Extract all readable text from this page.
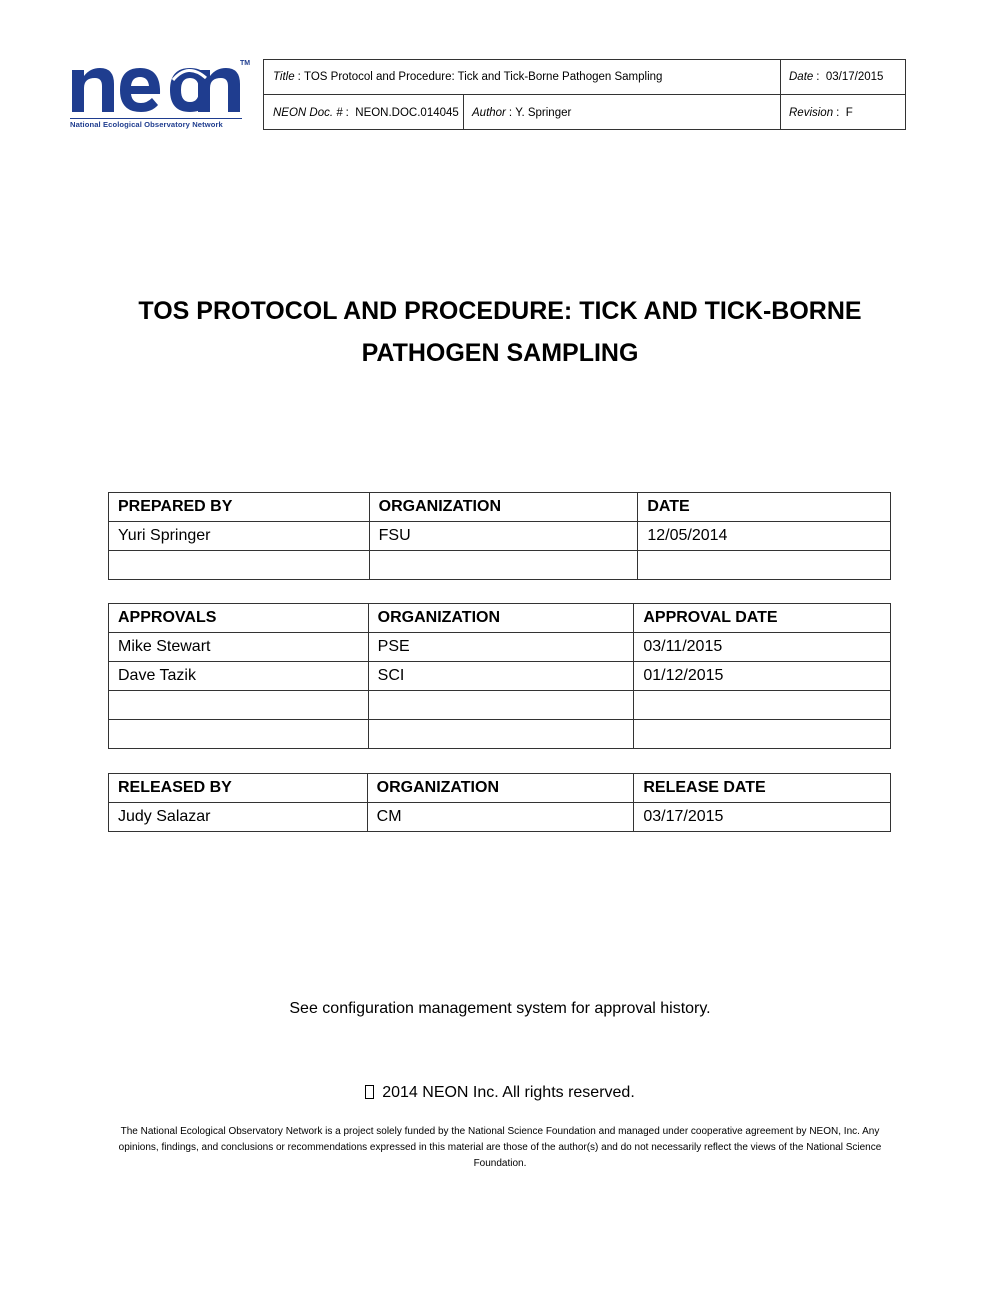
TM
National Ecological Observatory Network
Title : TOS Protocol and Procedure: Tick and Tick-Borne Pathogen Sampling	Date : 03/17/2015
NEON Doc. # : NEON.DOC.014045 Author : Y. Springer	Revision : F
TOS PROTOCOL AND PROCEDURE: TICK AND TICK-BORNE
PATHOGEN SAMPLING
PREPARED BY	ORGANIZATION	DATE
Yuri Springer	FSU	12/05/2014

APPROVALS	ORGANIZATION	APPROVAL DATE
Mike Stewart	PSE	03/11/2015
Dave Tazik	SCI	01/12/2015

RELEASED BY	ORGANIZATION	RELEASE DATE
Judy Salazar	CM	03/17/2015
See configuration management system for approval history.
2014 NEON Inc. All rights reserved.
The National Ecological Observatory Network is a project solely funded by the National Science Foundation and managed under cooperative agreement by NEON, Inc. Any opinions, findings, and conclusions or recommendations expressed in this material are those of the author(s) and do not necessarily reflect the views of the National Science Foundation.
